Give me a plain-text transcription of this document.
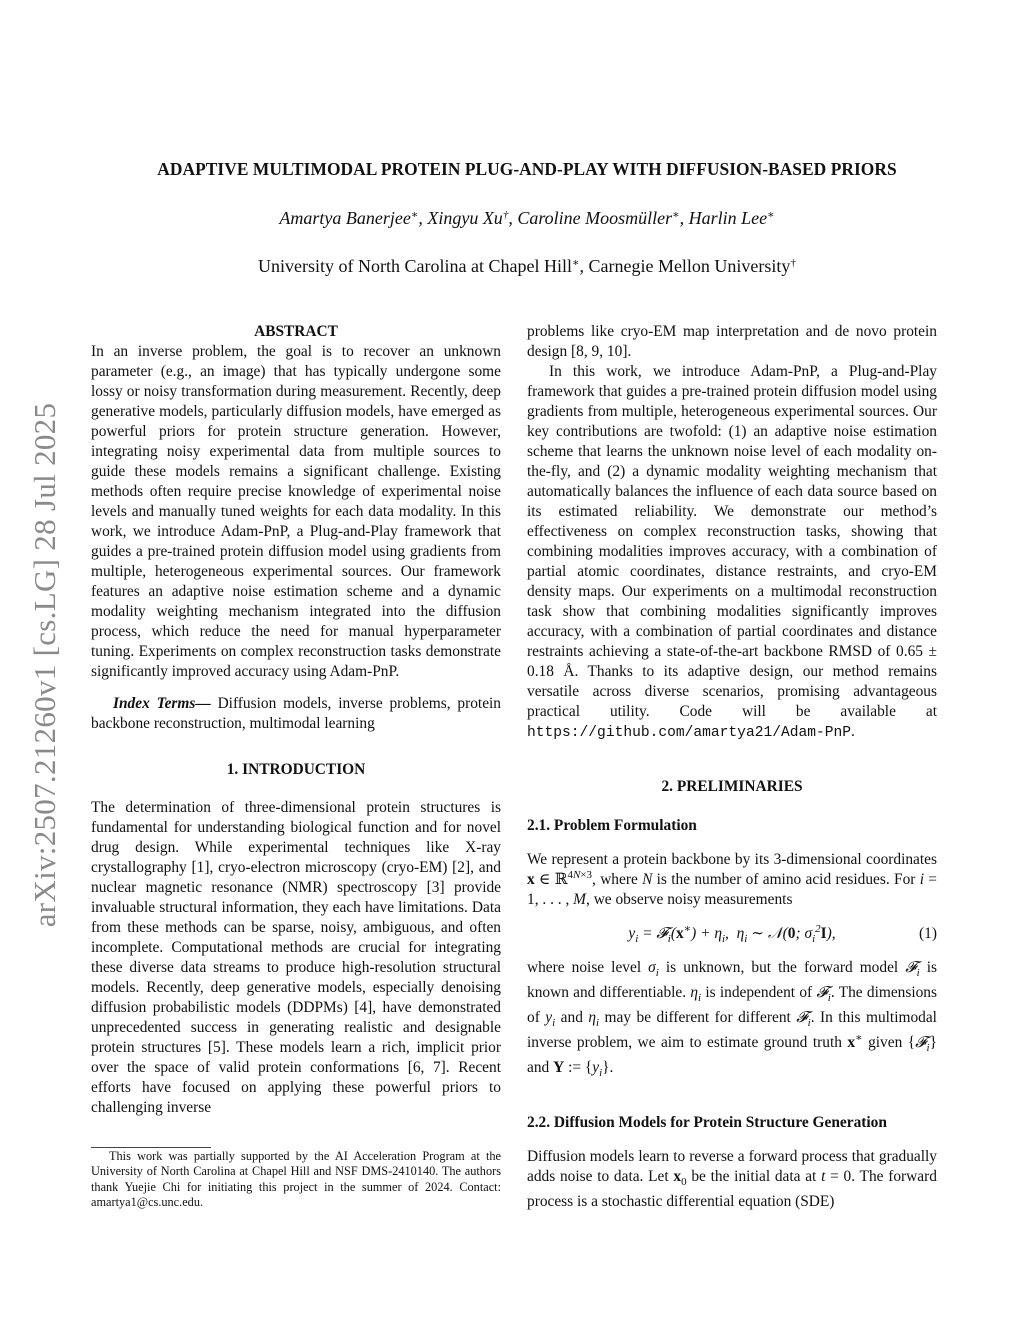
arXiv:2507.21260v1 [cs.LG] 28 Jul 2025
ADAPTIVE MULTIMODAL PROTEIN PLUG-AND-PLAY WITH DIFFUSION-BASED PRIORS
Amartya Banerjee∗, Xingyu Xu†, Caroline Moosmüller∗, Harlin Lee∗
University of North Carolina at Chapel Hill∗, Carnegie Mellon University†

ABSTRACT

In an inverse problem, the goal is to recover an unknown parameter (e.g., an image) that has typically undergone some lossy or noisy transformation during measurement. Recently, deep generative models, particularly diffusion models, have emerged as powerful priors for protein structure generation. However, integrating noisy experimental data from multiple sources to guide these models remains a significant challenge. Existing methods often require precise knowledge of experimental noise levels and manually tuned weights for each data modality. In this work, we introduce Adam-PnP, a Plug-and-Play framework that guides a pre-trained protein diffusion model using gradients from multiple, heterogeneous experimental sources. Our framework features an adaptive noise estimation scheme and a dynamic modality weighting mechanism integrated into the diffusion process, which reduce the need for manual hyperparameter tuning. Experiments on complex reconstruction tasks demonstrate significantly improved accuracy using Adam-PnP.

Index Terms— Diffusion models, inverse problems, protein backbone reconstruction, multimodal learning

1. INTRODUCTION

The determination of three-dimensional protein structures is fundamental for understanding biological function and for novel drug design. While experimental techniques like X-ray crystallography [1], cryo-electron microscopy (cryo-EM) [2], and nuclear magnetic resonance (NMR) spectroscopy [3] provide invaluable structural information, they each have limitations. Data from these methods can be sparse, noisy, ambiguous, and often incomplete. Computational methods are crucial for integrating these diverse data streams to produce high-resolution structural models. Recently, deep generative models, especially denoising diffusion probabilistic models (DDPMs) [4], have demonstrated unprecedented success in generating realistic and designable protein structures [5]. These models learn a rich, implicit prior over the space of valid protein conformations [6, 7]. Recent efforts have focused on applying these powerful priors to challenging inverse

This work was partially supported by the AI Acceleration Program at the University of North Carolina at Chapel Hill and NSF DMS-2410140. The authors thank Yuejie Chi for initiating this project in the summer of 2024. Contact: amartya1@cs.unc.edu.

problems like cryo-EM map interpretation and de novo protein design [8, 9, 10].

In this work, we introduce Adam-PnP, a Plug-and-Play framework that guides a pre-trained protein diffusion model using gradients from multiple, heterogeneous experimental sources. Our key contributions are twofold: (1) an adaptive noise estimation scheme that learns the unknown noise level of each modality on-the-fly, and (2) a dynamic modality weighting mechanism that automatically balances the influence of each data source based on its estimated reliability. We demonstrate our method’s effectiveness on complex reconstruction tasks, showing that combining modalities improves accuracy, with a combination of partial atomic coordinates, distance restraints, and cryo-EM density maps. Our experiments on a multimodal reconstruction task show that combining modalities significantly improves accuracy, with a combination of partial coordinates and distance restraints achieving a state-of-the-art backbone RMSD of 0.65 ± 0.18 Å. Thanks to its adaptive design, our method remains versatile across diverse scenarios, promising advantageous practical utility. Code will be available at https://github.com/amartya21/Adam-PnP.

2. PRELIMINARIES

2.1. Problem Formulation

We represent a protein backbone by its 3-dimensional coordinates x ∈ ℝ$^{4N\times 3}$, where N is the number of amino acid residues. For i = 1, . . . , M, we observe noisy measurements

$y_i$ = 𝓕$_i$(x∗) + $\eta_i$,  $\eta_i$ ∼ 𝒩(0; $\sigma_i^2I$),	(1)

where noise level $\sigma_i$ is unknown, but the forward model 𝓕$_i$ is known and differentiable. $\eta_i$ is independent of 𝓕$_i$. The dimensions of $y_i$ and $\eta_i$ may be different for different 𝓕$_i$. In this multimodal inverse problem, we aim to estimate ground truth x∗ given {𝓕$_i$} and Y := $\{y_i\}$.

2.2. Diffusion Models for Protein Structure Generation

Diffusion models learn to reverse a forward process that gradually adds noise to data. Let $x_0$ be the initial data at t = 0. The forward process is a stochastic differential equation (SDE)
